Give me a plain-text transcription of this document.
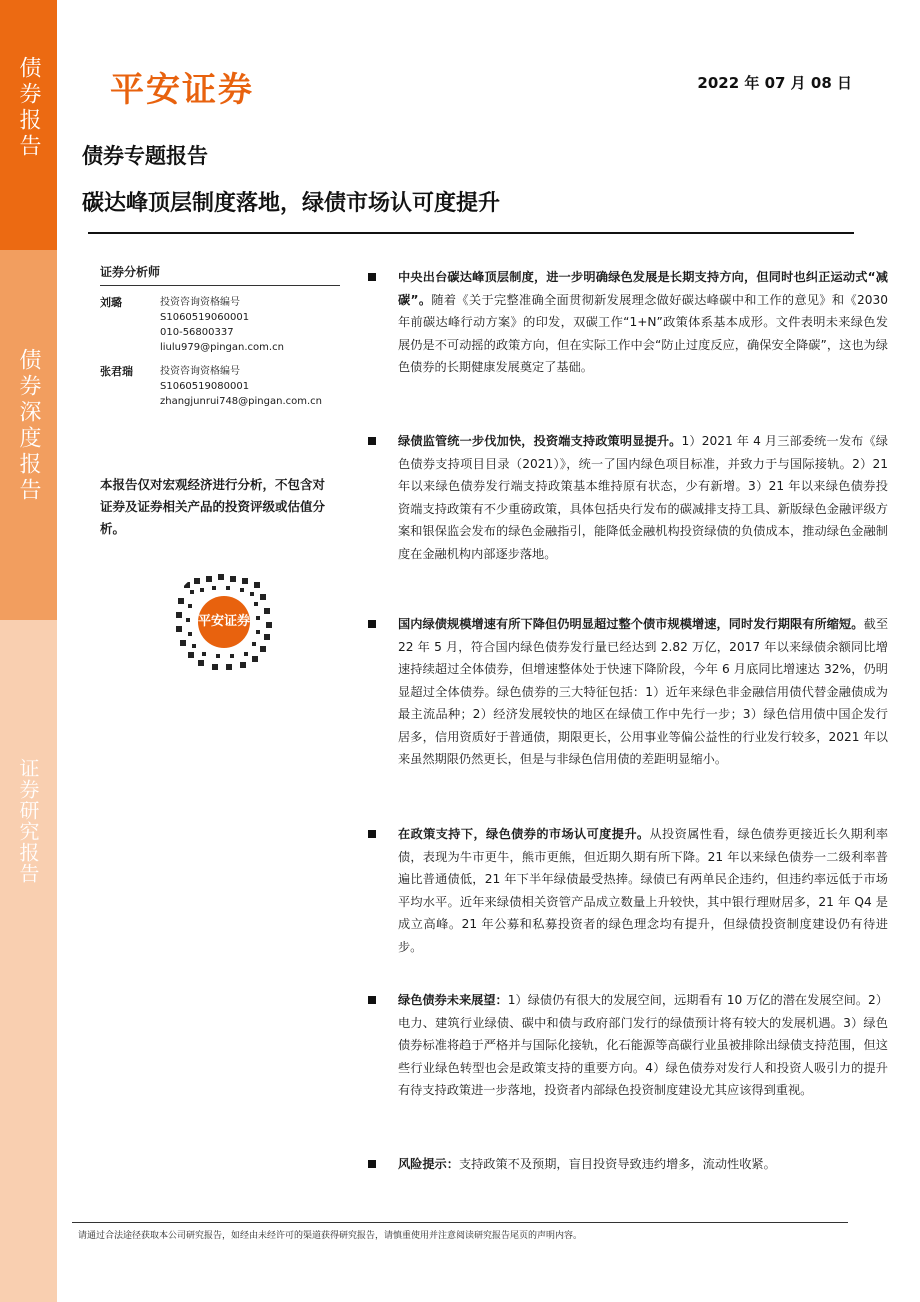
债券报告
债券深度报告
证券研究报告
平安证券	2022 年 07 月 08 日
债券专题报告
碳达峰顶层制度落地，绿债市场认可度提升
证券分析师
刘璐	投资咨询资格编号
S1060519060001
010-56800337
liulu979@pingan.com.cn
张君瑞	投资咨询资格编号
S1060519080001
zhangjunrui748@pingan.com.cn
本报告仅对宏观经济进行分析，不包含对证券及证券相关产品的投资评级或估值分析。
平安证券
中央出台碳达峰顶层制度，进一步明确绿色发展是长期支持方向，但同时也纠正运动式“减碳”。随着《关于完整准确全面贯彻新发展理念做好碳达峰碳中和工作的意见》和《2030 年前碳达峰行动方案》的印发，双碳工作“1+N”政策体系基本成形。文件表明未来绿色发展仍是不可动摇的政策方向，但在实际工作中会“防止过度反应，确保安全降碳”，这也为绿色债券的长期健康发展奠定了基础。
绿债监管统一步伐加快，投资端支持政策明显提升。1）2021 年 4 月三部委统一发布《绿色债券支持项目目录（2021）》，统一了国内绿色项目标准，并致力于与国际接轨。2）21 年以来绿色债券发行端支持政策基本维持原有状态，少有新增。3）21 年以来绿色债券投资端支持政策有不少重磅政策，具体包括央行发布的碳减排支持工具、新版绿色金融评级方案和银保监会发布的绿色金融指引，能降低金融机构投资绿债的负债成本，推动绿色金融制度在金融机构内部逐步落地。
国内绿债规模增速有所下降但仍明显超过整个债市规模增速，同时发行期限有所缩短。截至 22 年 5 月，符合国内绿色债券发行量已经达到 2.82 万亿，2017 年以来绿债余额同比增速持续超过全体债券，但增速整体处于快速下降阶段，今年 6 月底同比增速达 32%，仍明显超过全体债券。绿色债券的三大特征包括：1）近年来绿色非金融信用债代替金融债成为最主流品种；2）经济发展较快的地区在绿债工作中先行一步；3）绿色信用债中国企发行居多，信用资质好于普通债，期限更长，公用事业等偏公益性的行业发行较多，2021 年以来虽然期限仍然更长，但是与非绿色信用债的差距明显缩小。
在政策支持下，绿色债券的市场认可度提升。从投资属性看，绿色债券更接近长久期利率债，表现为牛市更牛，熊市更熊，但近期久期有所下降。21 年以来绿色债券一二级利率普遍比普通债低，21 年下半年绿债最受热捧。绿债已有两单民企违约，但违约率远低于市场平均水平。近年来绿债相关资管产品成立数量上升较快，其中银行理财居多，21 年 Q4 是成立高峰。21 年公募和私募投资者的绿色理念均有提升，但绿债投资制度建设仍有待进步。
绿色债券未来展望：1）绿债仍有很大的发展空间，远期看有 10 万亿的潜在发展空间。2）电力、建筑行业绿债、碳中和债与政府部门发行的绿债预计将有较大的发展机遇。3）绿色债券标准将趋于严格并与国际化接轨，化石能源等高碳行业虽被排除出绿债支持范围，但这些行业绿色转型也会是政策支持的重要方向。4）绿色债券对发行人和投资人吸引力的提升有待支持政策进一步落地，投资者内部绿色投资制度建设尤其应该得到重视。
风险提示：支持政策不及预期，盲目投资导致违约增多，流动性收紧。
请通过合法途径获取本公司研究报告，如经由未经许可的渠道获得研究报告，请慎重使用并注意阅读研究报告尾页的声明内容。
